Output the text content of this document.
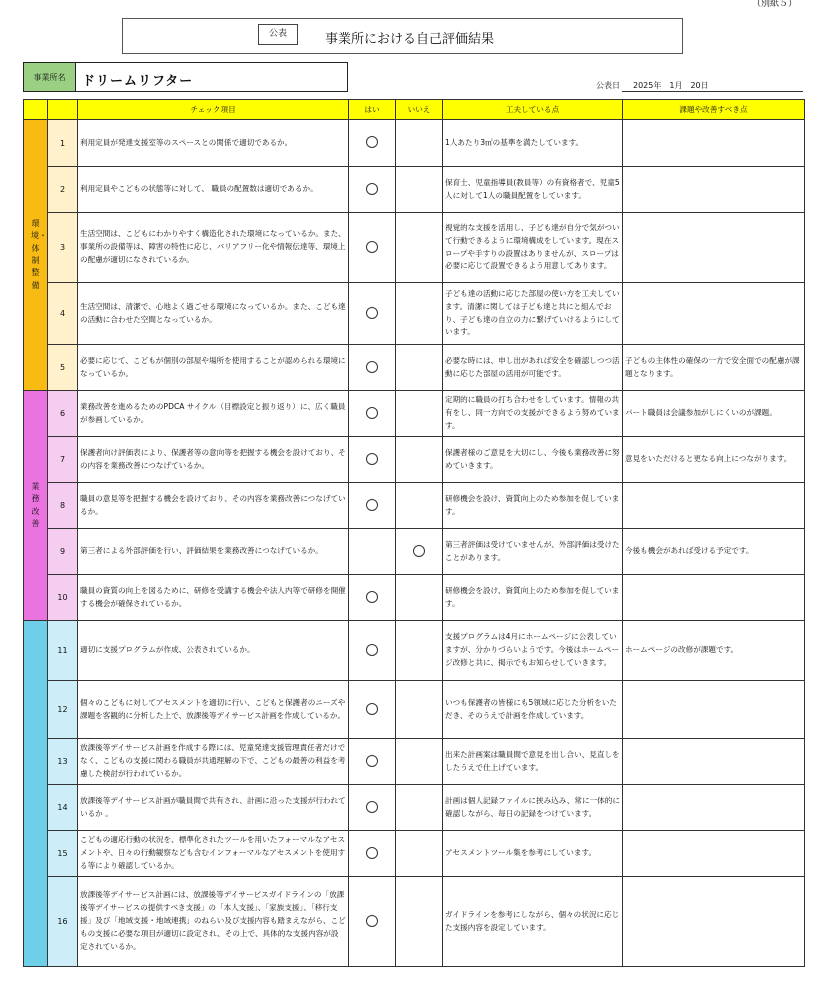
（別紙５）
公表	事業所における自己評価結果
事業所名	ドリームリフター	公表日 2025年　1月　20日
		チェック項目	はい	いいえ	工夫している点	課題や改善すべき点
環境・体制整備	1	利用定員が発達支援室等のスペースとの関係で適切であるか。			1人あたり3㎡の基準を満たしています。	
	2	利用定員やこどもの状態等に対して、 職員の配置数は適切であるか。			保育士、児童指導員(教員等）の有資格者で、児童5人に対して1人の職員配置をしています。	
	3	生活空間は、こどもにわかりやすく構造化された環境になっているか。また、事業所の設備等は、障害の特性に応じ、バリアフリー化や情報伝達等、環境上の配慮が適切になされているか。			視覚的な支援を活用し、子ども達が自分で気がついて行動できるように環境構成をしています。現在スロープや手すりの設置はありませんが、スロープは必要に応じて設置できるよう用意してあります。	
	4	生活空間は、清潔で、心地よく過ごせる環境になっているか。また、こども達の活動に合わせた空間となっているか。			子ども達の活動に応じた部屋の使い方を工夫しています。清潔に関しては子ども達と共にと組んでおり、子ども達の自立の力に繋げていけるようにしています。	
	5	必要に応じて、こどもが個別の部屋や場所を使用することが認められる環境になっているか。			必要な時には、申し出があれば安全を確認しつつ活動に応じた部屋の活用が可能です。	子どもの主体性の確保の一方で安全面での配慮が課題となります。
業務改善	6	業務改善を進めるためのPDCA サイクル（目標設定と振り返り）に、広く職員が参画しているか。			定期的に職員の打ち合わせをしています。情報の共有をし、同一方向での支援ができるよう努めています。	パート職員は会議参加がしにくいのが課題。
	7	保護者向け評価表により、保護者等の意向等を把握する機会を設けており、その内容を業務改善につなげているか。			保護者様のご意見を大切にし、今後も業務改善に努めていきます。	意見をいただけると更なる向上につながります。
	8	職員の意見等を把握する機会を設けており、その内容を業務改善につなげているか。			研修機会を設け、資質向上のため参加を促しています。	
	9	第三者による外部評価を行い、評価結果を業務改善につなげているか。			第三者評価は受けていませんが、外部評価は受けたことがあります。	今後も機会があれば受ける予定です。
	10	職員の資質の向上を図るために、研修を受講する機会や法人内等で研修を開催する機会が確保されているか。			研修機会を設け、資質向上のため参加を促しています。	
	11	適切に支援プログラムが作成、公表されているか。			支援プログラムは4月にホームページに公表していますが、分かりづらいようです。今後はホームページ改修と共に、掲示でもお知らせしていきます。	ホームページの改修が課題です。
	12	個々のこどもに対してアセスメントを適切に行い、こどもと保護者のニーズや課題を客観的に分析した上で、放課後等デイサービス計画を作成しているか。			いつも保護者の皆様にも5領域に応じた分析をいただき、そのうえで計画を作成しています。	
	13	放課後等デイサービス計画を作成する際には、児童発達支援管理責任者だけでなく、こどもの支援に関わる職員が共通理解の下で、こどもの最善の利益を考慮した検討が行われているか。			出来た計画案は職員間で意見を出し合い、見直しをしたうえで仕上げています。	
	14	放課後等デイサービス計画が職員間で共有され、計画に沿った支援が行われているか 。			計画は個人記録ファイルに挟み込み、常に一体的に確認しながら、毎日の記録をつけています。	
	15	こどもの適応行動の状況を、標準化されたツールを用いたフォーマルなアセスメントや、日々の行動観察なども含むインフォーマルなアセスメントを使用する等により確認しているか。			アセスメントツール集を参考にしています。	
	16	放課後等デイサービス計画には、放課後等デイサービスガイドラインの「放課後等デイサービスの提供すべき支援」の「本人支援」、「家族支援」、「移行支援」及び「地域支援・地域連携」のねらい及び支援内容も踏まえながら、こどもの支援に必要な項目が適切に設定され、その上で、具体的な支援内容が設定されているか。			ガイドラインを参考にしながら、個々の状況に応じた支援内容を設定しています。	
